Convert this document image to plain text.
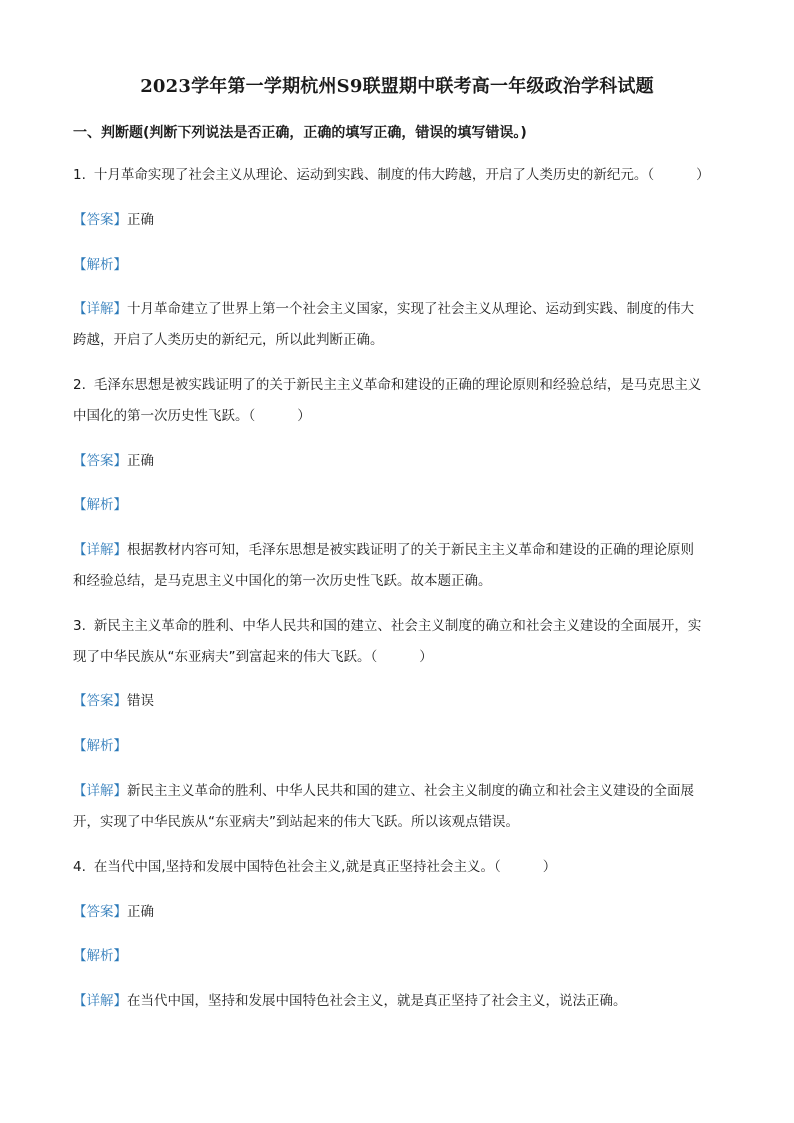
2023学年第一学期杭州S9联盟期中联考高一年级政治学科试题
一、判断题(判断下列说法是否正确，正确的填写正确，错误的填写错误。)
1. 十月革命实现了社会主义从理论、运动到实践、制度的伟大跨越，开启了人类历史的新纪元。（	）
【答案】正确
【解析】
【详解】十月革命建立了世界上第一个社会主义国家，实现了社会主义从理论、运动到实践、制度的伟大
跨越，开启了人类历史的新纪元，所以此判断正确。
2. 毛泽东思想是被实践证明了的关于新民主主义革命和建设的正确的理论原则和经验总结，是马克思主义
中国化的第一次历史性飞跃。（	）
【答案】正确
【解析】
【详解】根据教材内容可知，毛泽东思想是被实践证明了的关于新民主主义革命和建设的正确的理论原则
和经验总结，是马克思主义中国化的第一次历史性飞跃。故本题正确。
3. 新民主主义革命的胜利、中华人民共和国的建立、社会主义制度的确立和社会主义建设的全面展开，实
现了中华民族从“东亚病夫”到富起来的伟大飞跃。（	）
【答案】错误
【解析】
【详解】新民主主义革命的胜利、中华人民共和国的建立、社会主义制度的确立和社会主义建设的全面展
开，实现了中华民族从“东亚病夫”到站起来的伟大飞跃。所以该观点错误。
4. 在当代中国,坚持和发展中国特色社会主义,就是真正坚持社会主义。（	）
【答案】正确
【解析】
【详解】在当代中国，坚持和发展中国特色社会主义，就是真正坚持了社会主义，说法正确。
